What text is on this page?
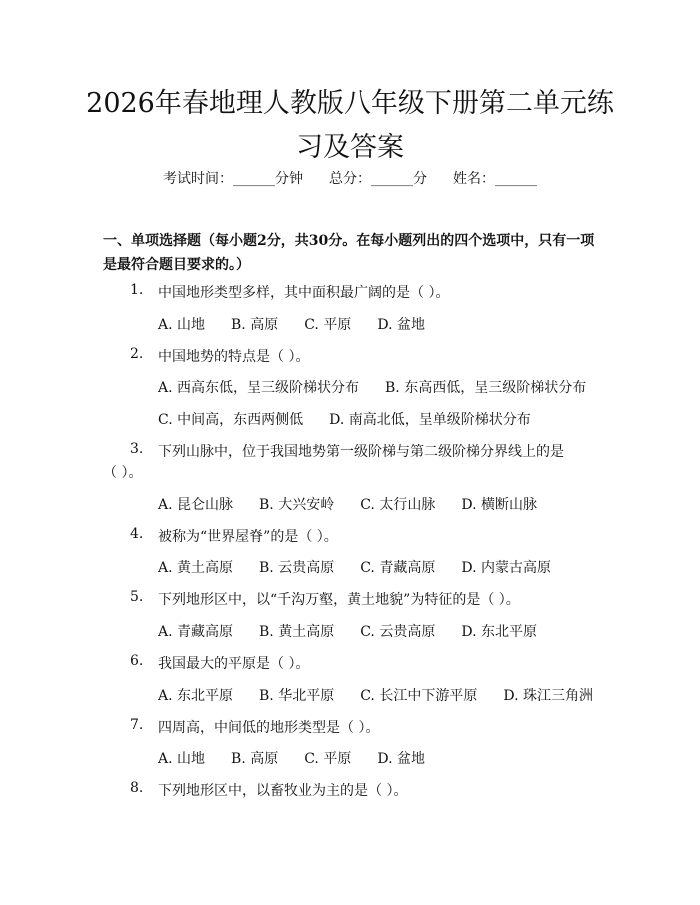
2026年春地理人教版八年级下册第二单元练
习及答案
考试时间：______分钟 总分：______分 姓名：______
一、单项选择题（每小题2分，共30分。在每小题列出的四个选项中，只有一项是最符合题目要求的。）
1. 中国地形类型多样，其中面积最广阔的是（ ）。
A. 山地 B. 高原 C. 平原 D. 盆地
2. 中国地势的特点是（ ）。
A. 西高东低，呈三级阶梯状分布 B. 东高西低，呈三级阶梯状分布
C. 中间高，东西两侧低 D. 南高北低，呈单级阶梯状分布
3. 下列山脉中，位于我国地势第一级阶梯与第二级阶梯分界线上的是
（ ）。
A. 昆仑山脉 B. 大兴安岭 C. 太行山脉 D. 横断山脉
4. 被称为“世界屋脊”的是（ ）。
A. 黄土高原 B. 云贵高原 C. 青藏高原 D. 内蒙古高原
5. 下列地形区中，以“千沟万壑，黄土地貌”为特征的是（ ）。
A. 青藏高原 B. 黄土高原 C. 云贵高原 D. 东北平原
6. 我国最大的平原是（ ）。
A. 东北平原 B. 华北平原 C. 长江中下游平原 D. 珠江三角洲
7. 四周高，中间低的地形类型是（ ）。
A. 山地 B. 高原 C. 平原 D. 盆地
8. 下列地形区中，以畜牧业为主的是（ ）。
